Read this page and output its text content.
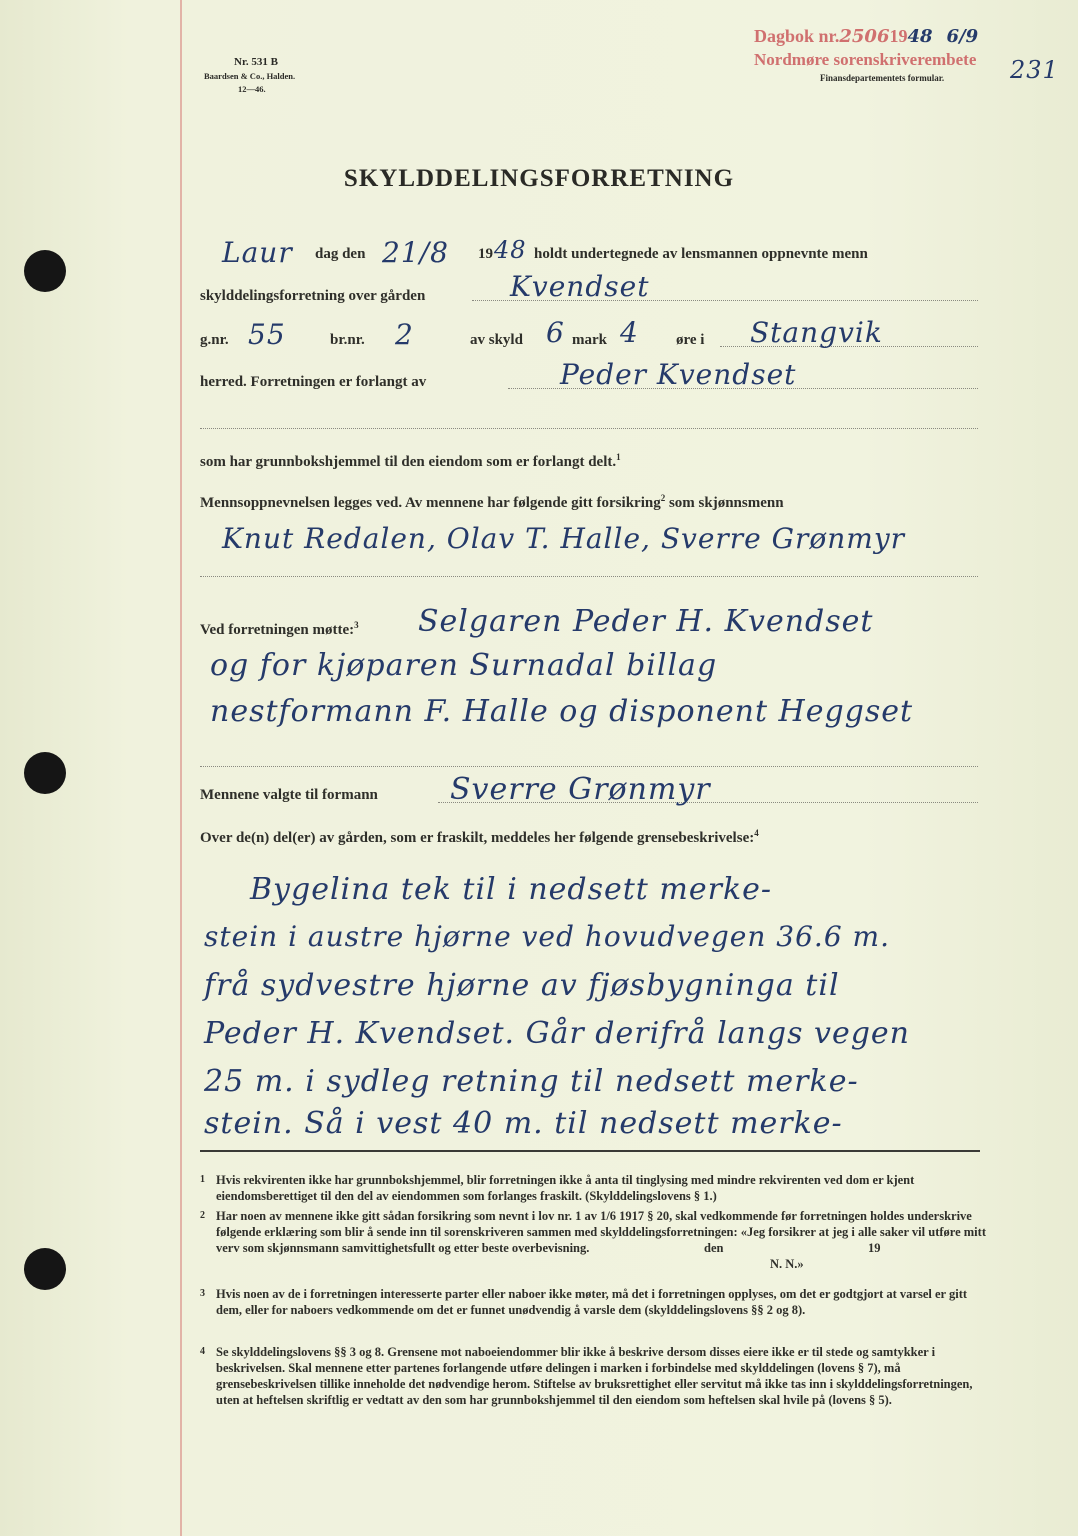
Nr. 531 B
Baardsen & Co., Halden.
12—46.
Dagbok nr.25061948 6/9
Nordmøre sorenskriverembete
Finansdepartementets formular.	231
SKYLDDELINGSFORRETNING
Laur dag den 21/8 19 48 holdt undertegnede av lensmannen oppnevnte menn
skylddelingsforretning over gården	Kvendset
g.nr. 55	br.nr. 2	av skyld 6 mark 4 øre i Stangvik
herred. Forretningen er forlangt av	Peder Kvendset
som har grunnbokshjemmel til den eiendom som er forlangt delt.$^1$
Mennsoppnevnelsen legges ved. Av mennene har følgende gitt forsikring$^2$ som skjønnsmenn
Knut Redalen, Olav T. Halle, Sverre Grønmyr
Ved forretningen møtte:$^3$ Selgaren Peder H. Kvendset
og for kjøparen Surnadal billag
nestformann F. Halle og disponent Heggset
Mennene valgte til formann Sverre Grønmyr
Over de(n) del(er) av gården, som er fraskilt, meddeles her følgende grensebeskrivelse:$^4$
Bygelina tek til i nedsett merke-
stein i austre hjørne ved hovudvegen 36.6 m.
frå sydvestre hjørne av fjøsbygninga til
Peder H. Kvendset. Går derifrå langs vegen
25 m. i sydleg retning til nedsett merke-
stein. Så i vest 40 m. til nedsett merke-
1 Hvis rekvirenten ikke har grunnbokshjemmel, blir forretningen ikke å anta til tinglysing med mindre rekvirenten ved dom er kjent eiendomsberettiget til den del av eiendommen som forlanges fraskilt. (Skylddelingslovens § 1.)
2 Har noen av mennene ikke gitt sådan forsikring som nevnt i lov nr. 1 av 1/6 1917 § 20, skal vedkommende før forretningen holdes underskrive følgende erklæring som blir å sende inn til sorenskriveren sammen med skylddelingsforretningen: «Jeg forsikrer at jeg i alle saker vil utføre mitt verv som skjønnsmann samvittighetsfullt og etter beste overbevisning.	den	19
N. N.»
3 Hvis noen av de i forretningen interesserte parter eller naboer ikke møter, må det i forretningen opplyses, om det er godtgjort at varsel er gitt dem, eller for naboers vedkommende om det er funnet unødvendig å varsle dem (skylddelingslovens §§ 2 og 8).
4 Se skylddelingslovens §§ 3 og 8. Grensene mot naboeiendommer blir ikke å beskrive dersom disses eiere ikke er til stede og samtykker i beskrivelsen. Skal mennene etter partenes forlangende utføre delingen i marken i forbindelse med skylddelingen (lovens § 7), må grensebeskrivelsen tillike inneholde det nødvendige herom. Stiftelse av bruksrettighet eller servitut må ikke tas inn i skylddelingsforretningen, uten at heftelsen skriftlig er vedtatt av den som har grunnbokshjemmel til den eiendom som heftelsen skal hvile på (lovens § 5).
